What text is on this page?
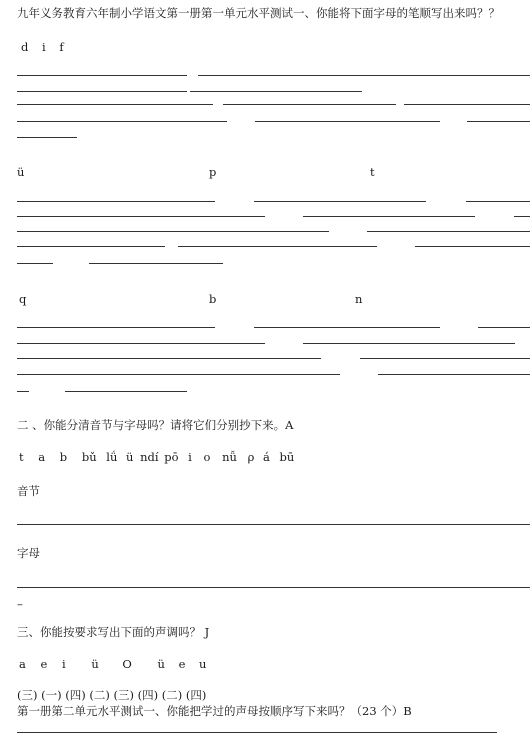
九年义务教育六年制小学语文第一册第一单元水平测试一、你能将下面字母的笔顺写出来吗？？
d i f
ü	p	t
q	b	n
二 、你能分清音节与字母吗？请将它们分别抄下来。A
t a b bǔ lǘ ü ndí pō i o nǚ ρ á bū
音节
字母
–
三、你能按要求写出下面的声调吗？ J
a e i ü O ü e u
(三) (一) (四) (二) (三) (四) (二) (四)
第一册第二单元水平测试一、你能把学过的声母按顺序写下来吗？（23 个）B
